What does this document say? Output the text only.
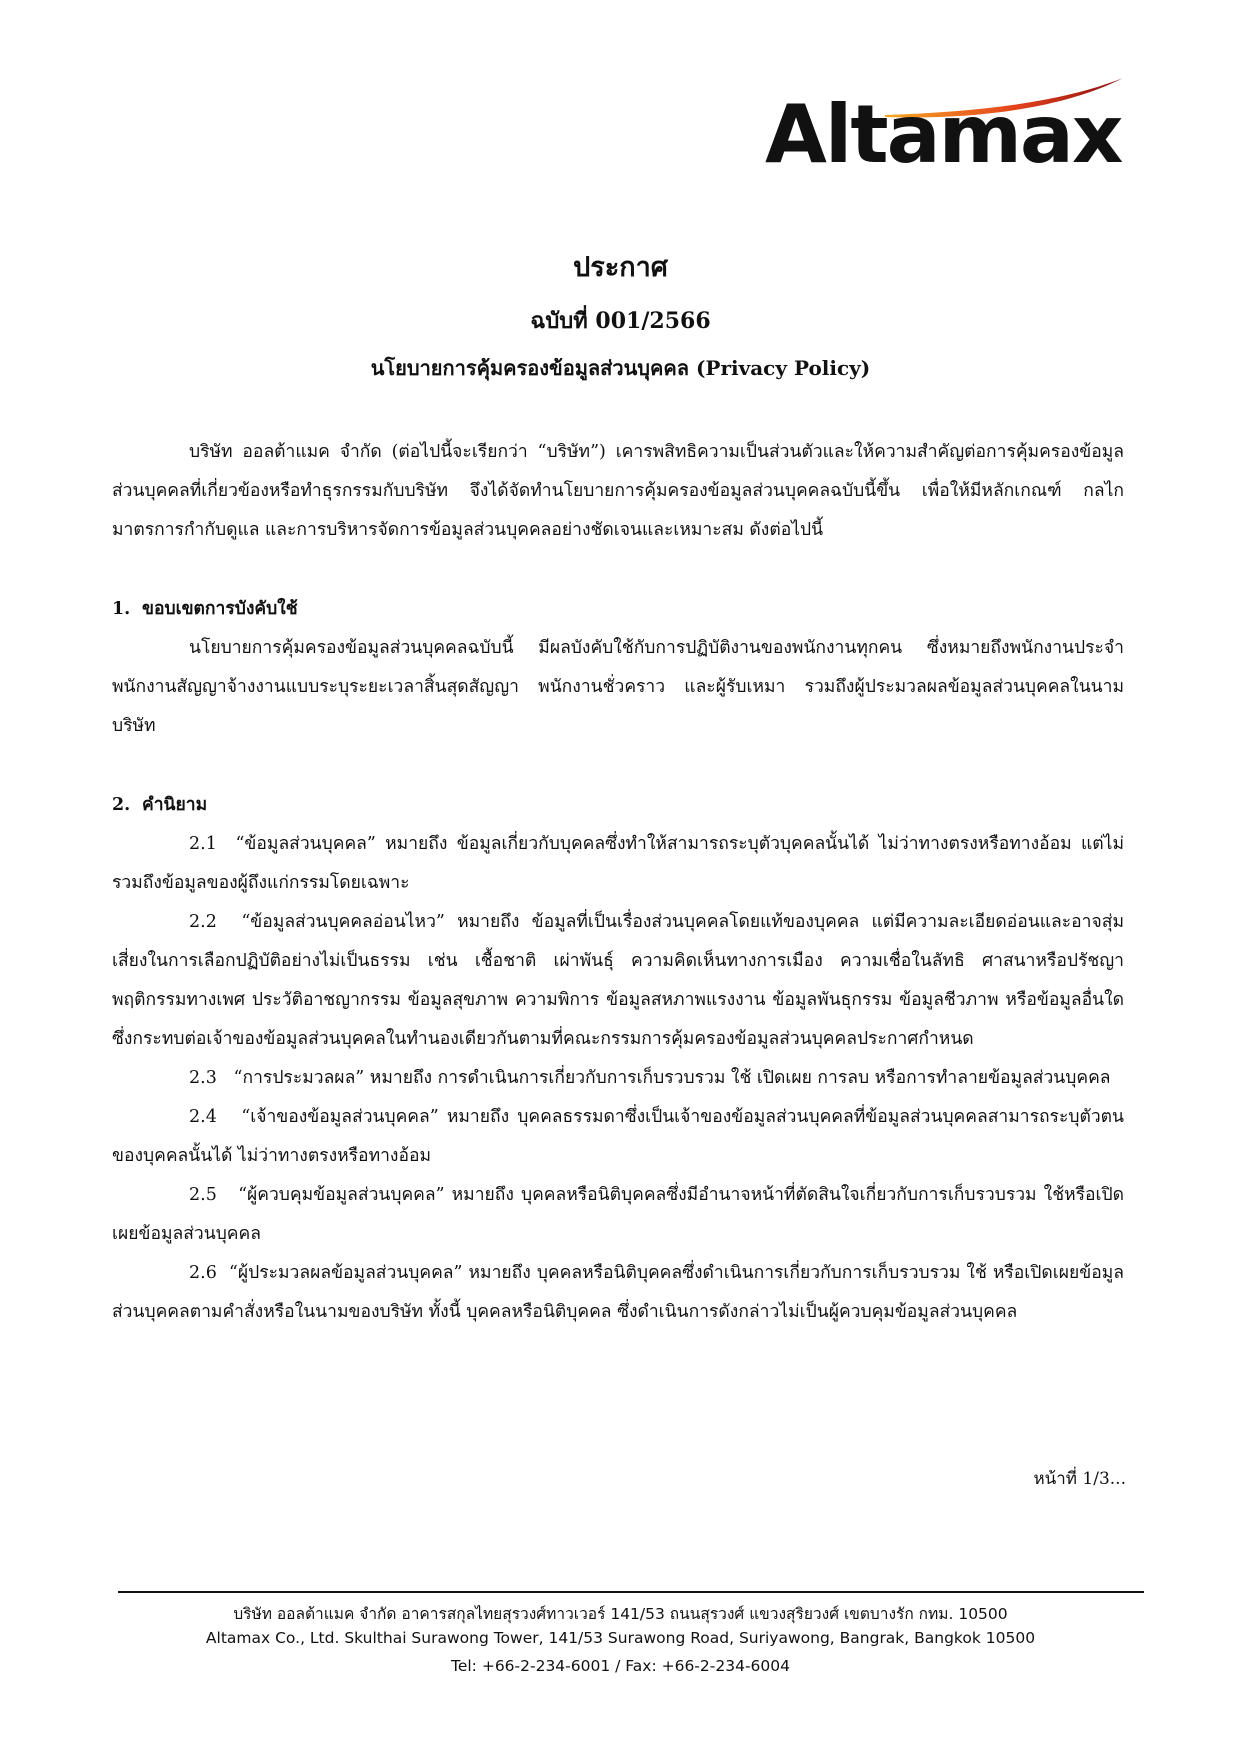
Altamax
ประกาศ
ฉบับที่ 001/2566
นโยบายการคุ้มครองข้อมูลส่วนบุคคล (Privacy Policy)
บริษัท ออลต้าแมค จำกัด (ต่อไปนี้จะเรียกว่า “บริษัท”) เคารพสิทธิความเป็นส่วนตัวและให้ความสำคัญต่อการคุ้มครองข้อมูลส่วนบุคคลที่เกี่ยวข้องหรือทำธุรกรรมกับบริษัท จึงได้จัดทำนโยบายการคุ้มครองข้อมูลส่วนบุคคลฉบับนี้ขึ้น เพื่อให้มีหลักเกณฑ์ กลไก มาตรการกำกับดูแล และการบริหารจัดการข้อมูลส่วนบุคคลอย่างชัดเจนและเหมาะสม ดังต่อไปนี้
1. ขอบเขตการบังคับใช้
นโยบายการคุ้มครองข้อมูลส่วนบุคคลฉบับนี้ มีผลบังคับใช้กับการปฏิบัติงานของพนักงานทุกคน ซึ่งหมายถึงพนักงานประจำ พนักงานสัญญาจ้างงานแบบระบุระยะเวลาสิ้นสุดสัญญา พนักงานชั่วคราว และผู้รับเหมา รวมถึงผู้ประมวลผลข้อมูลส่วนบุคคลในนามบริษัท
2. คำนิยาม
2.1 “ข้อมูลส่วนบุคคล” หมายถึง ข้อมูลเกี่ยวกับบุคคลซึ่งทำให้สามารถระบุตัวบุคคลนั้นได้ ไม่ว่าทางตรงหรือทางอ้อม แต่ไม่รวมถึงข้อมูลของผู้ถึงแก่กรรมโดยเฉพาะ
2.2 “ข้อมูลส่วนบุคคลอ่อนไหว” หมายถึง ข้อมูลที่เป็นเรื่องส่วนบุคคลโดยแท้ของบุคคล แต่มีความละเอียดอ่อนและอาจสุ่มเสี่ยงในการเลือกปฏิบัติอย่างไม่เป็นธรรม เช่น เชื้อชาติ เผ่าพันธุ์ ความคิดเห็นทางการเมือง ความเชื่อในลัทธิ ศาสนาหรือปรัชญา พฤติกรรมทางเพศ ประวัติอาชญากรรม ข้อมูลสุขภาพ ความพิการ ข้อมูลสหภาพแรงงาน ข้อมูลพันธุกรรม ข้อมูลชีวภาพ หรือข้อมูลอื่นใด ซึ่งกระทบต่อเจ้าของข้อมูลส่วนบุคคลในทำนองเดียวกันตามที่คณะกรรมการคุ้มครองข้อมูลส่วนบุคคลประกาศกำหนด
2.3 “การประมวลผล” หมายถึง การดำเนินการเกี่ยวกับการเก็บรวบรวม ใช้ เปิดเผย การลบ หรือการทำลายข้อมูลส่วนบุคคล
2.4 “เจ้าของข้อมูลส่วนบุคคล” หมายถึง บุคคลธรรมดาซึ่งเป็นเจ้าของข้อมูลส่วนบุคคลที่ข้อมูลส่วนบุคคลสามารถระบุตัวตนของบุคคลนั้นได้ ไม่ว่าทางตรงหรือทางอ้อม
2.5 “ผู้ควบคุมข้อมูลส่วนบุคคล” หมายถึง บุคคลหรือนิติบุคคลซึ่งมีอำนาจหน้าที่ตัดสินใจเกี่ยวกับการเก็บรวบรวม ใช้หรือเปิดเผยข้อมูลส่วนบุคคล
2.6 “ผู้ประมวลผลข้อมูลส่วนบุคคล” หมายถึง บุคคลหรือนิติบุคคลซึ่งดำเนินการเกี่ยวกับการเก็บรวบรวม ใช้ หรือเปิดเผยข้อมูลส่วนบุคคลตามคำสั่งหรือในนามของบริษัท ทั้งนี้ บุคคลหรือนิติบุคคล ซึ่งดำเนินการดังกล่าวไม่เป็นผู้ควบคุมข้อมูลส่วนบุคคล
หน้าที่ 1/3...
บริษัท ออลต้าแมค จำกัด อาคารสกุลไทยสุรวงศ์ทาวเวอร์ 141/53 ถนนสุรวงศ์ แขวงสุริยวงศ์ เขตบางรัก กทม. 10500
Altamax Co., Ltd. Skulthai Surawong Tower, 141/53 Surawong Road, Suriyawong, Bangrak, Bangkok 10500
Tel: +66-2-234-6001 / Fax: +66-2-234-6004
